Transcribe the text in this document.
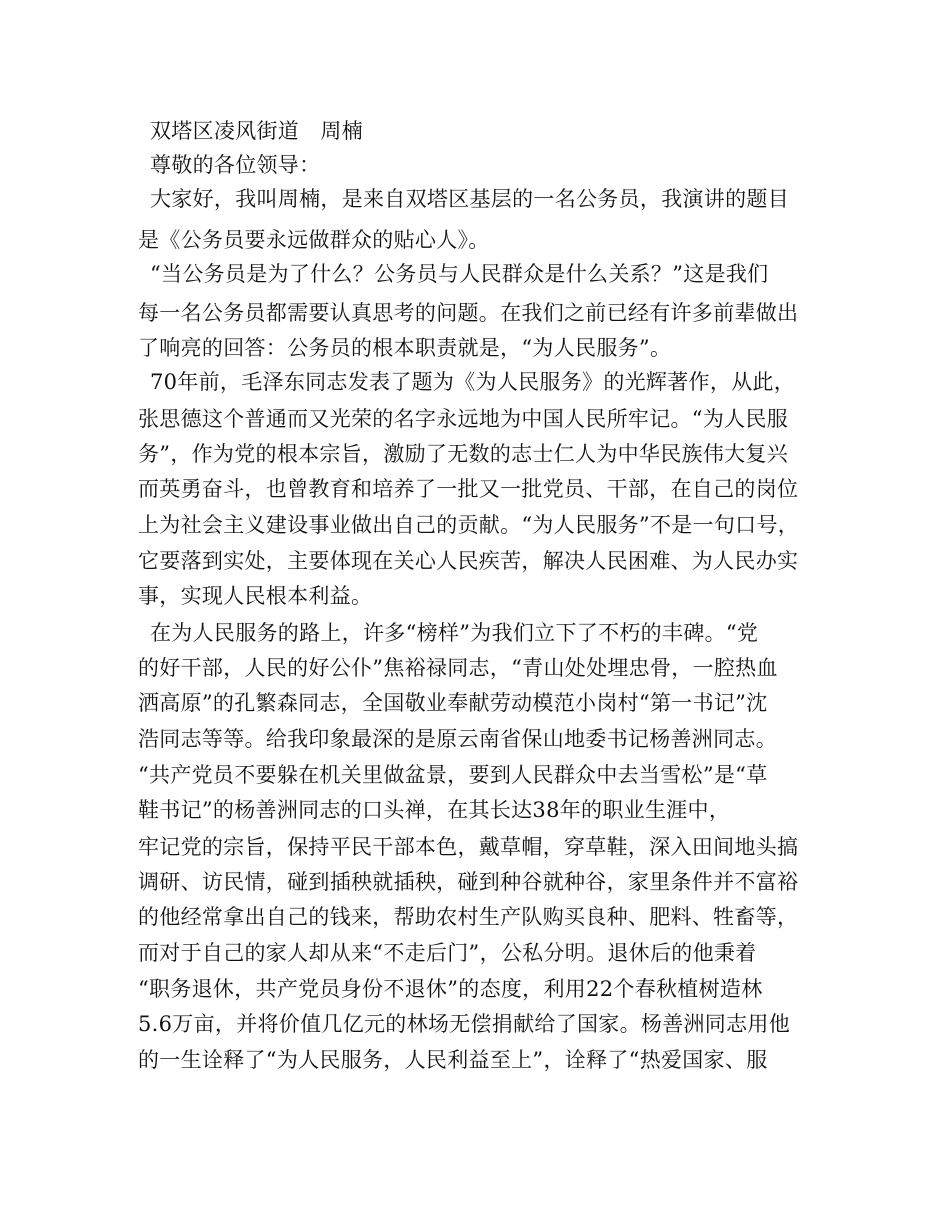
双塔区凌风街道　周楠
尊敬的各位领导：
大家好，我叫周楠，是来自双塔区基层的一名公务员，我演讲的题目
是《公务员要永远做群众的贴心人》。
“当公务员是为了什么？公务员与人民群众是什么关系？”这是我们
每一名公务员都需要认真思考的问题。在我们之前已经有许多前辈做出
了响亮的回答：公务员的根本职责就是，“为人民服务”。
70年前，毛泽东同志发表了题为《为人民服务》的光辉著作，从此，
张思德这个普通而又光荣的名字永远地为中国人民所牢记。“为人民服
务”，作为党的根本宗旨，激励了无数的志士仁人为中华民族伟大复兴
而英勇奋斗，也曾教育和培养了一批又一批党员、干部，在自己的岗位
上为社会主义建设事业做出自己的贡献。“为人民服务”不是一句口号，
它要落到实处，主要体现在关心人民疾苦，解决人民困难、为人民办实
事，实现人民根本利益。
在为人民服务的路上，许多“榜样”为我们立下了不朽的丰碑。“党
的好干部，人民的好公仆”焦裕禄同志，“青山处处埋忠骨，一腔热血
洒高原”的孔繁森同志，全国敬业奉献劳动模范小岗村“第一书记”沈
浩同志等等。给我印象最深的是原云南省保山地委书记杨善洲同志。
“共产党员不要躲在机关里做盆景，要到人民群众中去当雪松”是“草
鞋书记”的杨善洲同志的口头禅，在其长达38年的职业生涯中，
牢记党的宗旨，保持平民干部本色，戴草帽，穿草鞋，深入田间地头搞
调研、访民情，碰到插秧就插秧，碰到种谷就种谷，家里条件并不富裕
的他经常拿出自己的钱来，帮助农村生产队购买良种、肥料、牲畜等，
而对于自己的家人却从来“不走后门”，公私分明。退休后的他秉着
“职务退休，共产党员身份不退休”的态度，利用22个春秋植树造林
5.6万亩，并将价值几亿元的林场无偿捐献给了国家。杨善洲同志用他
的一生诠释了“为人民服务，人民利益至上”，诠释了“热爱国家、服
